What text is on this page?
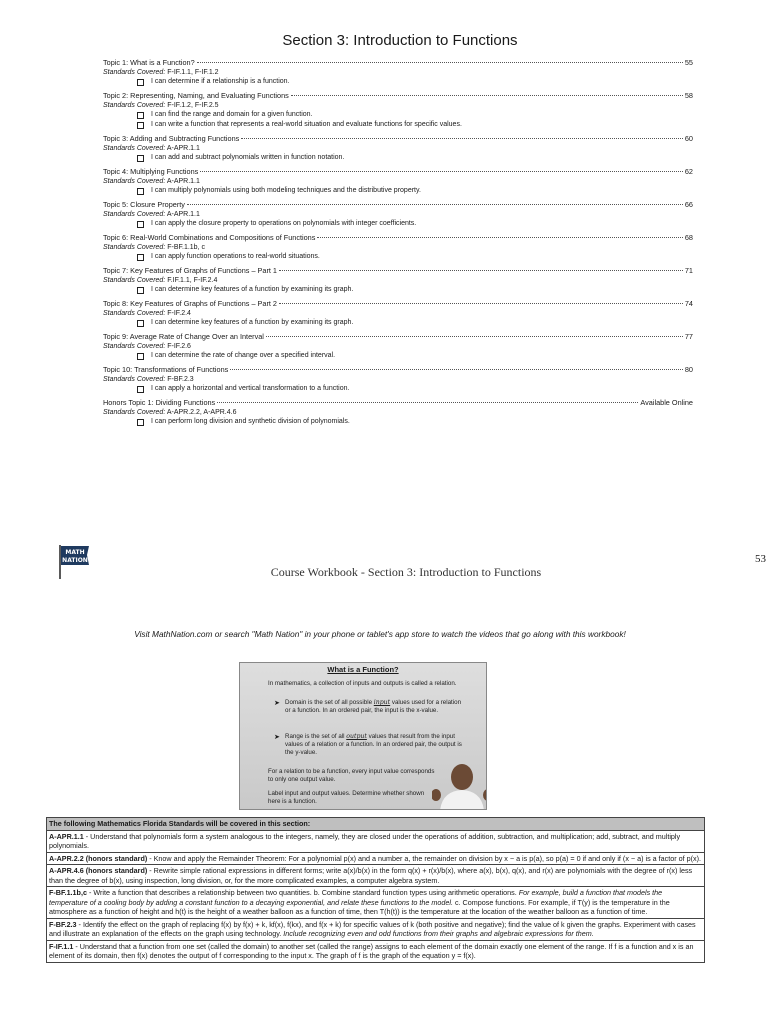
Section 3: Introduction to Functions
Topic 1: What is a Function?	55
Standards Covered: F-IF.1.1, F-IF.1.2
I can determine if a relationship is a function.
Topic 2: Representing, Naming, and Evaluating Functions	58
Standards Covered: F-IF.1.2, F-IF.2.5
I can find the range and domain for a given function.
I can write a function that represents a real-world situation and evaluate functions for specific values.
Topic 3: Adding and Subtracting Functions	60
Standards Covered: A-APR.1.1
I can add and subtract polynomials written in function notation.
Topic 4: Multiplying Functions	62
Standards Covered: A-APR.1.1
I can multiply polynomials using both modeling techniques and the distributive property.
Topic 5: Closure Property	66
Standards Covered: A-APR.1.1
I can apply the closure property to operations on polynomials with integer coefficients.
Topic 6: Real-World Combinations and Compositions of Functions	68
Standards Covered: F-BF.1.1b, c
I can apply function operations to real-world situations.
Topic 7: Key Features of Graphs of Functions – Part 1	71
Standards Covered: F.IF.1.1, F-IF.2.4
I can determine key features of a function by examining its graph.
Topic 8: Key Features of Graphs of Functions – Part 2	74
Standards Covered: F-IF.2.4
I can determine key features of a function by examining its graph.
Topic 9: Average Rate of Change Over an Interval	77
Standards Covered: F-IF.2.6
I can determine the rate of change over a specified interval.
Topic 10: Transformations of Functions	80
Standards Covered: F-BF.2.3
I can apply a horizontal and vertical transformation to a function.
Honors Topic 1: Dividing Functions	Available Online
Standards Covered: A-APR.2.2, A-APR.4.6
I can perform long division and synthetic division of polynomials.
MATH
NATION
Course Workbook - Section 3: Introduction to Functions
53
Visit MathNation.com or search "Math Nation" in your phone or tablet's app store to watch the videos that go along with this workbook!
What is a Function?
In mathematics, a collection of inputs and outputs is called a relation.
➤ Domain is the set of all possible input values used for a relation or a function. In an ordered pair, the input is the x-value.
➤ Range is the set of all output values that result from the input values of a relation or a function. In an ordered pair, the output is the y-value.
For a relation to be a function, every input value corresponds to only one output value.
Label input and output values. Determine whether shown here is a function.
The following Mathematics Florida Standards will be covered in this section:
A-APR.1.1 - Understand that polynomials form a system analogous to the integers, namely, they are closed under the operations of addition, subtraction, and multiplication; add, subtract, and multiply polynomials.
A-APR.2.2 (honors standard) - Know and apply the Remainder Theorem: For a polynomial p(x) and a number a, the remainder on division by x − a is p(a), so p(a) = 0 if and only if (x − a) is a factor of p(x).
A-APR.4.6 (honors standard) - Rewrite simple rational expressions in different forms; write a(x)/b(x) in the form q(x) + r(x)/b(x), where a(x), b(x), q(x), and r(x) are polynomials with the degree of r(x) less than the degree of b(x), using inspection, long division, or, for the more complicated examples, a computer algebra system.
F-BF.1.1b,c - Write a function that describes a relationship between two quantities. b. Combine standard function types using arithmetic operations. For example, build a function that models the temperature of a cooling body by adding a constant function to a decaying exponential, and relate these functions to the model. c. Compose functions. For example, if T(y) is the temperature in the atmosphere as a function of height and h(t) is the height of a weather balloon as a function of time, then T(h(t)) is the temperature at the location of the weather balloon as a function of time.
F-BF.2.3 - Identify the effect on the graph of replacing f(x) by f(x) + k, kf(x), f(kx), and f(x + k) for specific values of k (both positive and negative); find the value of k given the graphs. Experiment with cases and illustrate an explanation of the effects on the graph using technology. Include recognizing even and odd functions from their graphs and algebraic expressions for them.
F-IF.1.1 - Understand that a function from one set (called the domain) to another set (called the range) assigns to each element of the domain exactly one element of the range. If f is a function and x is an element of its domain, then f(x) denotes the output of f corresponding to the input x. The graph of f is the graph of the equation y = f(x).
